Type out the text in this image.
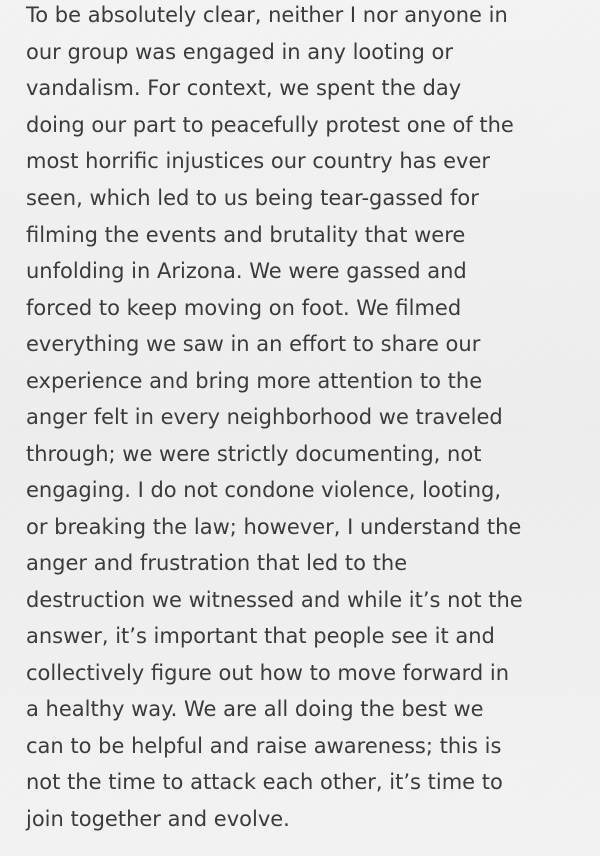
To be absolutely clear, neither I nor anyone in
our group was engaged in any looting or
vandalism. For context, we spent the day
doing our part to peacefully protest one of the
most horrific injustices our country has ever
seen, which led to us being tear-gassed for
filming the events and brutality that were
unfolding in Arizona. We were gassed and
forced to keep moving on foot. We filmed
everything we saw in an effort to share our
experience and bring more attention to the
anger felt in every neighborhood we traveled
through; we were strictly documenting, not
engaging. I do not condone violence, looting,
or breaking the law; however, I understand the
anger and frustration that led to the
destruction we witnessed and while it’s not the
answer, it’s important that people see it and
collectively figure out how to move forward in
a healthy way. We are all doing the best we
can to be helpful and raise awareness; this is
not the time to attack each other, it’s time to
join together and evolve.
